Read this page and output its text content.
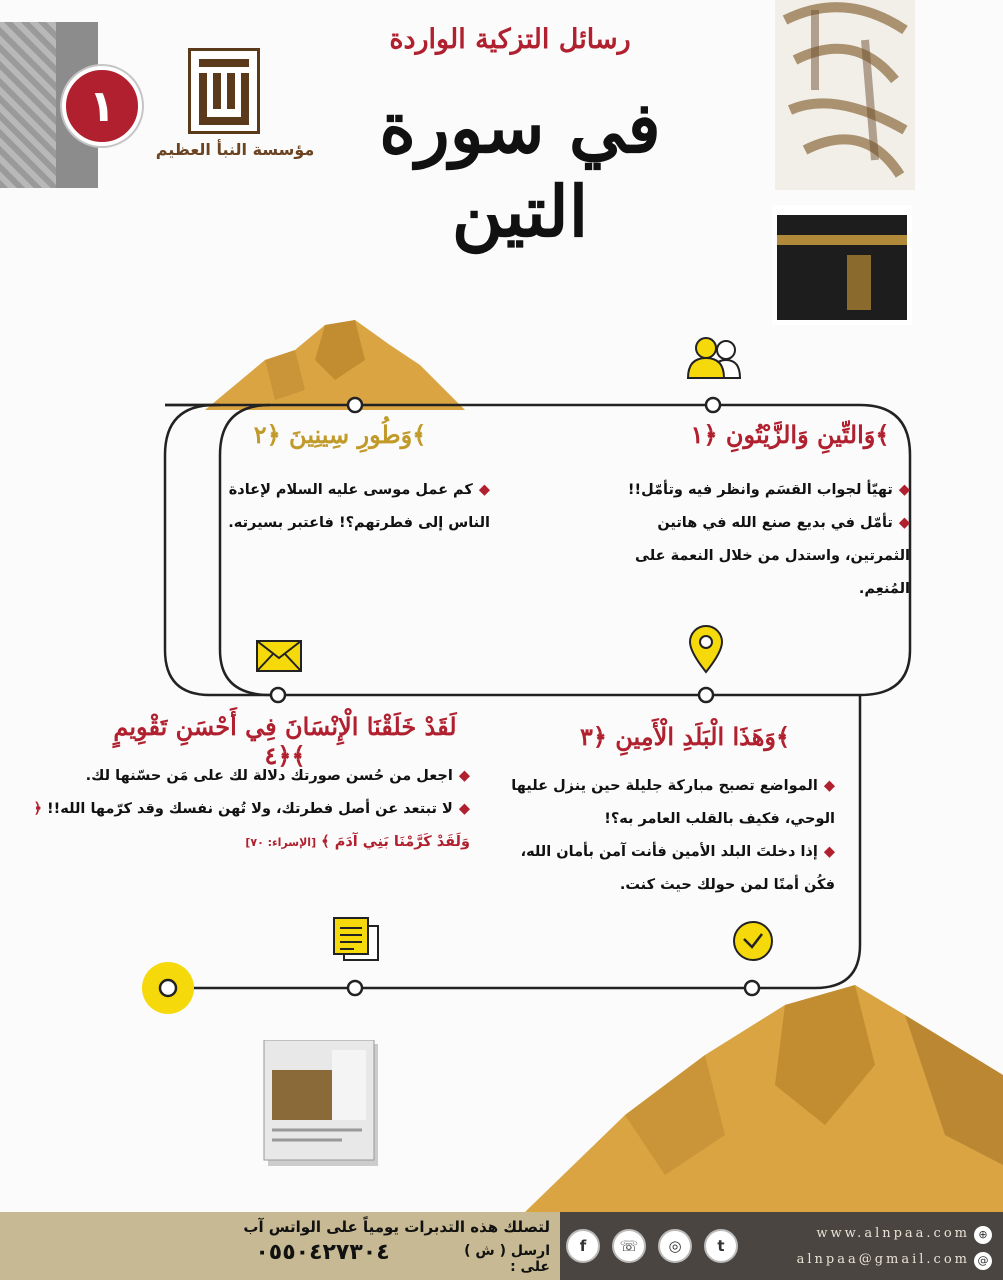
١
مؤسسة النبأ العظيم
رسائل التزكية الواردة
في سورة التين
وَالتِّينِ وَالزَّيْتُونِ ﴿١﴾
◆تهيّأ لجواب القسَم وانظر فيه وتأمّل!!
◆تأمّل في بديع صنع الله في هاتين الثمرتين، واستدل من خلال النعمة على المُنعِم.
وَطُورِ سِينِينَ ﴿٢﴾
◆كم عمل موسى عليه السلام لإعادة الناس إلى فطرتهم؟! فاعتبر بسيرته.
وَهَذَا الْبَلَدِ الْأَمِينِ ﴿٣﴾
◆المواضع تصبح مباركة جليلة حين ينزل عليها الوحي، فكيف بالقلب العامر به؟!
◆إذا دخلتَ البلد الأمين فأنت آمن بأمان الله، فكُن أمنًا لمن حولك حيث كنت.
لَقَدْ خَلَقْنَا الْإِنْسَانَ فِي أَحْسَنِ تَقْوِيمٍ ﴿٤﴾
◆اجعل من حُسن صورتك دلالة لك على مَن حسّنها لك.
◆لا تبتعد عن أصل فطرتك، ولا تُهن نفسك وقد كرّمها الله!! ﴿ وَلَقَدْ كَرَّمْنَا بَنِي آدَمَ ﴾ [الإسراء: ٧٠]
لتصلك هذه التدبرات يومياً على الواتس آب
ارسل ( ش ) على :
٠٥٥٠٤٢٧٣٠٤	f	☏	◎	t
www.alnpaa.com
alnpaa@gmail.com
⊕
@
